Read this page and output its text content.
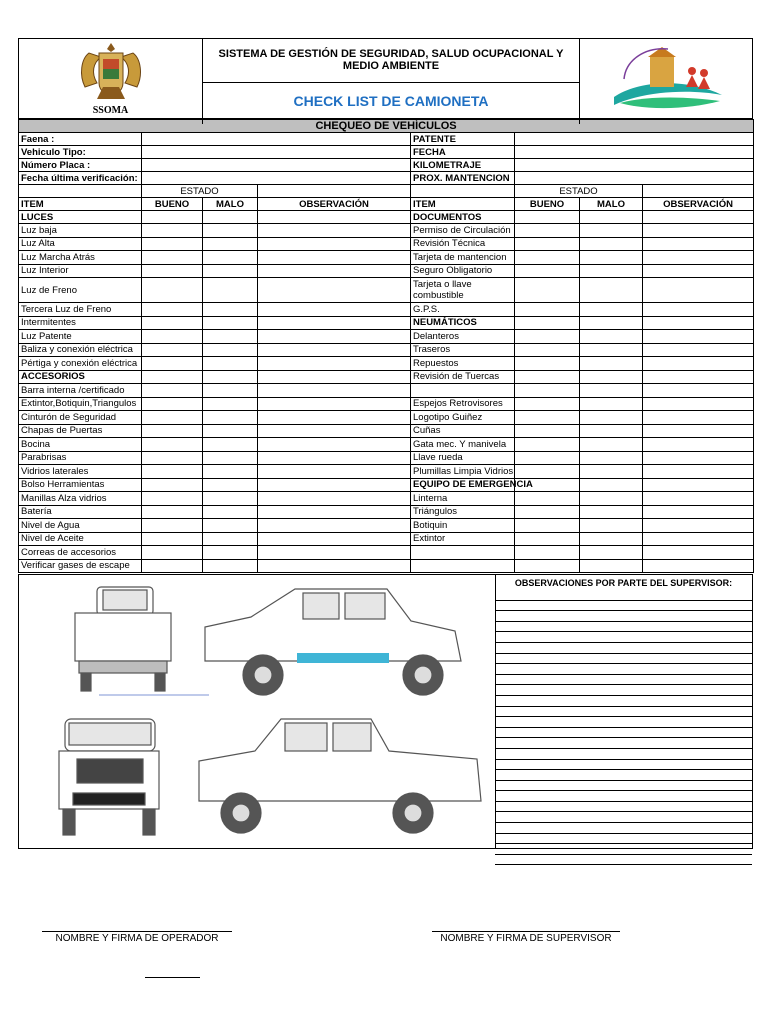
SSOMA
SISTEMA DE GESTIÓN DE SEGURIDAD, SALUD OCUPACIONAL Y MEDIO AMBIENTE
CHECK LIST DE CAMIONETA
CHEQUEO DE VEHÍCULOS							
Faena :				PATENTE			
Vehiculo Tipo:				FECHA			
Número Placa :				KILOMETRAJE			
Fecha última verificación:				PROX. MANTENCION			
	ESTADO				ESTADO		
ITEM	BUENO	MALO	OBSERVACIÓN	ITEM	BUENO	MALO	OBSERVACIÓN
LUCES				DOCUMENTOS			
Luz baja				Permiso de Circulación			
Luz Alta				Revisión Técnica			
Luz Marcha Atrás				Tarjeta de mantencion			
Luz Interior				Seguro Obligatorio			
Luz de Freno				Tarjeta o llave combustible			
Tercera Luz de Freno				G.P.S.			
Intermitentes				NEUMÁTICOS			
Luz Patente				Delanteros			
Baliza y conexión eléctrica				Traseros			
Pértiga y conexión eléctrica				Repuestos			
ACCESORIOS				Revisión de Tuercas			
Barra interna /certificado							
Extintor,Botiquin,Triangulos				Espejos Retrovisores			
Cinturón de Seguridad				Logotipo Guiñez			
Chapas de Puertas				Cuñas			
Bocina				Gata mec. Y manivela			
Parabrisas				Llave rueda			
Vidrios laterales				Plumillas Limpia Vidrios			
Bolso Herramientas				EQUIPO DE EMERGENCIA			
Manillas Alza vidrios				Linterna			
Batería				Triángulos			
Nivel de Agua				Botiquin			
Nivel de Aceite				Extintor			
Correas de accesorios							
Verificar gases de escape							
OBSERVACIONES POR PARTE DEL SUPERVISOR:
NOMBRE Y FIRMA DE OPERADOR	NOMBRE Y FIRMA DE SUPERVISOR
